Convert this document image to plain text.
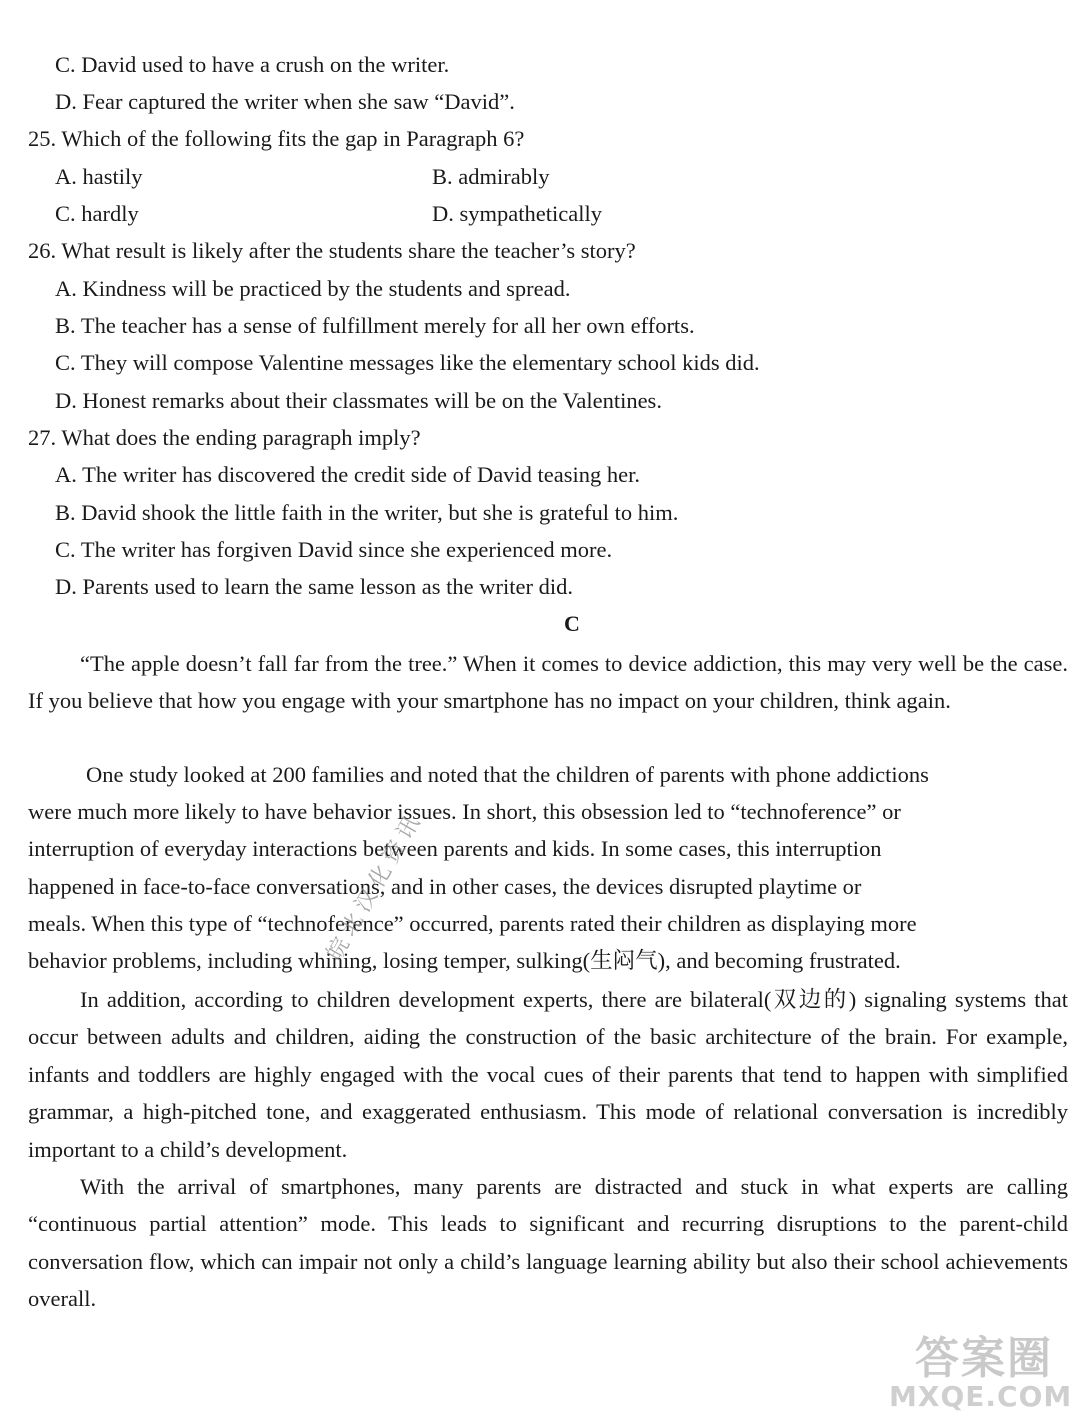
C. David used to have a crush on the writer.
D. Fear captured the writer when she saw “David”.
25. Which of the following fits the gap in Paragraph 6?
A. hastily	B. admirably
C. hardly	D. sympathetically
26. What result is likely after the students share the teacher’s story?
A. Kindness will be practiced by the students and spread.
B. The teacher has a sense of fulfillment merely for all her own efforts.
C. They will compose Valentine messages like the elementary school kids did.
D. Honest remarks about their classmates will be on the Valentines.
27. What does the ending paragraph imply?
A. The writer has discovered the credit side of David teasing her.
B. David shook the little faith in the writer, but she is grateful to him.
C. The writer has forgiven David since she experienced more.
D. Parents used to learn the same lesson as the writer did.
C

“The apple doesn’t fall far from the tree.” When it comes to device addiction, this may very well be the case. If you believe that how you engage with your smartphone has no impact on your children, think again.

One study looked at 200 families and noted that the children of parents with phone addictions
were much more likely to have behavior issues. In short, this obsession led to “technoference” or
interruption of everyday interactions between parents and kids. In some cases, this interruption
happened in face-to-face conversations, and in other cases, the devices disrupted playtime or
meals. When this type of “technoference” occurred, parents rated their children as displaying more
behavior problems, including whining, losing temper, sulking(生闷气), and becoming frustrated.

In addition, according to children development experts, there are bilateral(双边的) signaling systems that occur between adults and children, aiding the construction of the basic architecture of the brain. For example, infants and toddlers are highly engaged with the vocal cues of their parents that tend to happen with simplified grammar, a high-pitched tone, and exaggerated enthusiasm. This mode of relational conversation is incredibly important to a child’s development.

With the arrival of smartphones, many parents are distracted and stuck in what experts are calling “continuous partial attention” mode. This leads to significant and recurring disruptions to the parent-child conversation flow, which can impair not only a child’s language learning ability but also their school achievements overall.

皖北汉化资讯
答案圈
MXQE.COM
